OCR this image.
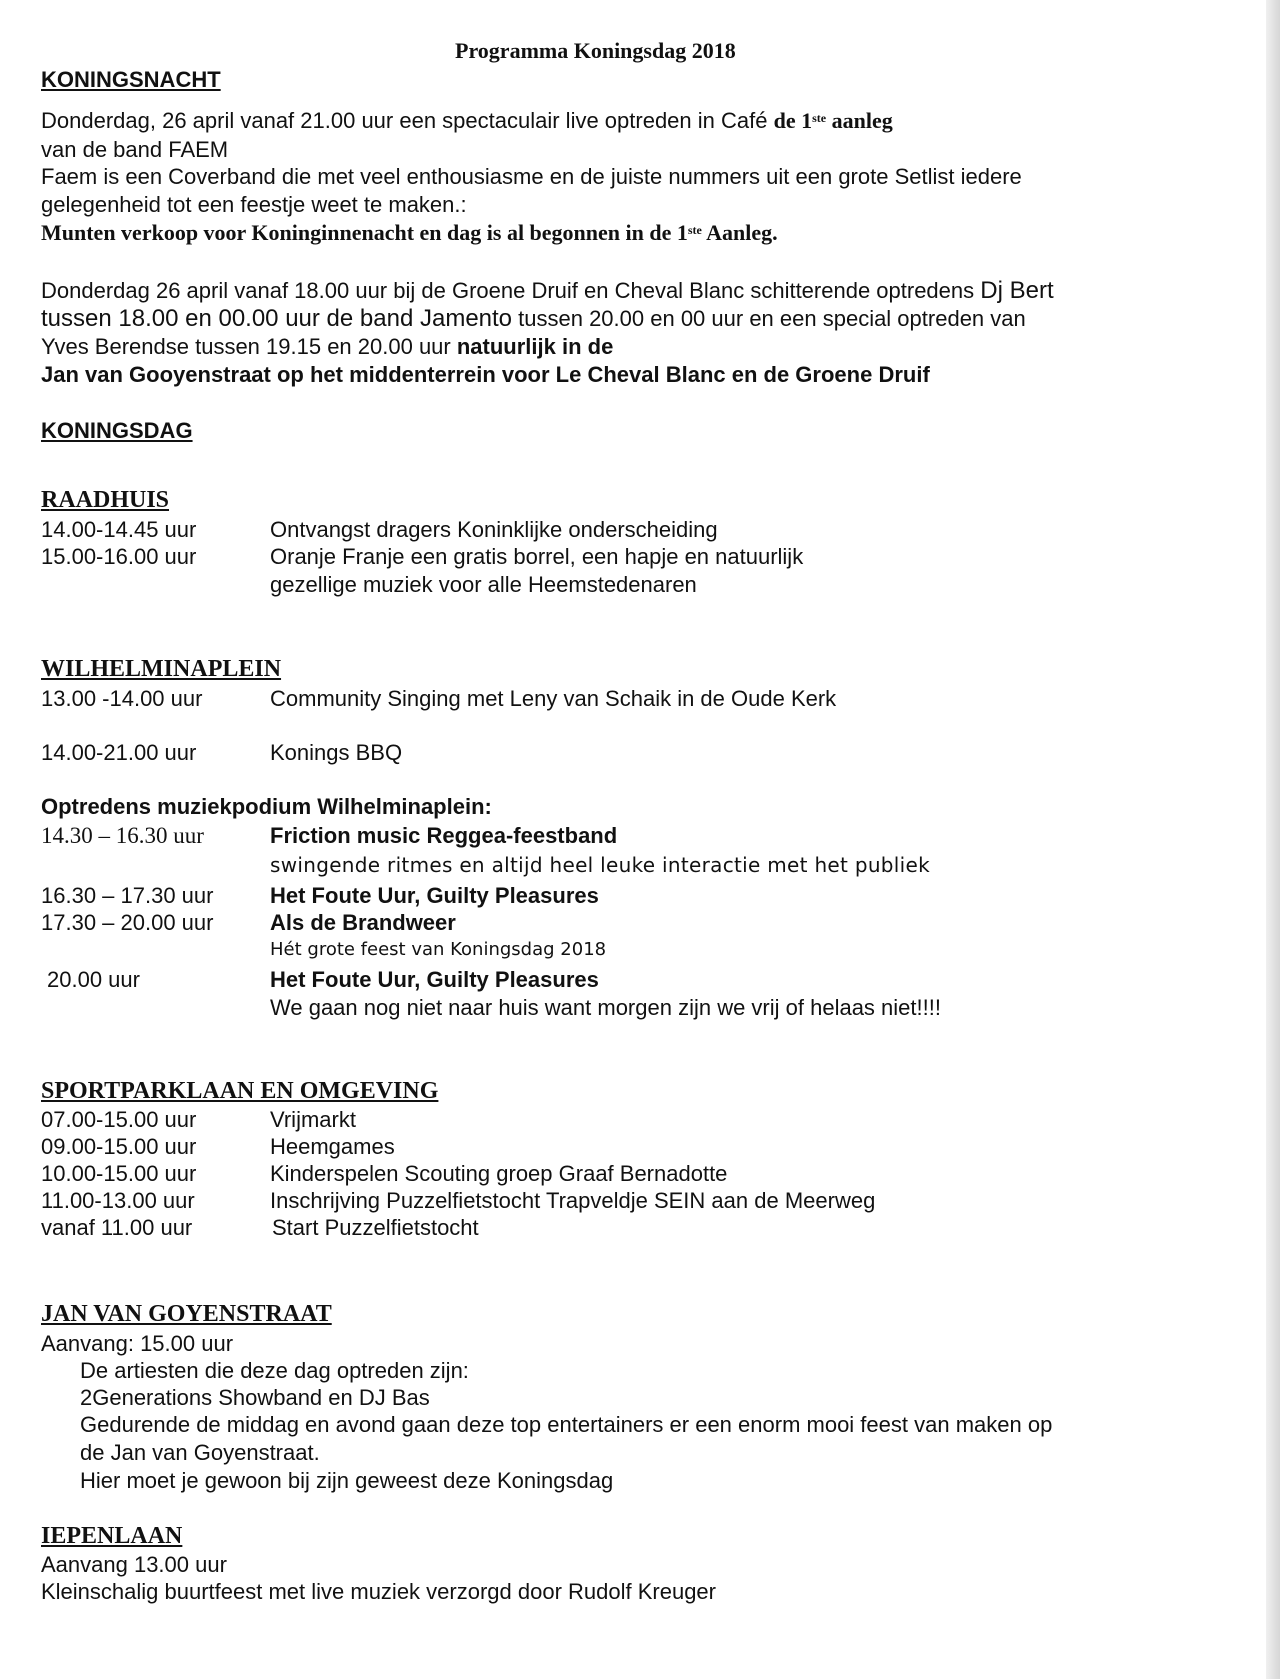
Programma Koningsdag 2018
KONINGSNACHT
Donderdag, 26 april vanaf 21.00 uur een spectaculair live optreden in Café de 1ste aanleg
van de band FAEM
Faem is een Coverband die met veel enthousiasme en de juiste nummers uit een grote Setlist iedere
gelegenheid tot een feestje weet te maken.:
Munten verkoop voor Koninginnenacht en dag is al begonnen in de 1ste Aanleg.
Donderdag 26 april vanaf 18.00 uur bij de Groene Druif en Cheval Blanc schitterende optredens Dj Bert
tussen 18.00 en 00.00 uur de band Jamento tussen 20.00 en 00 uur en een special optreden van
Yves Berendse tussen 19.15 en 20.00 uur natuurlijk in de
Jan van Gooyenstraat op het middenterrein voor Le Cheval Blanc en de Groene Druif
KONINGSDAG
RAADHUIS
14.00-14.45 uur	Ontvangst dragers Koninklijke onderscheiding
15.00-16.00 uur	Oranje Franje een gratis borrel, een hapje en natuurlijk
gezellige muziek voor alle Heemstedenaren
WILHELMINAPLEIN
13.00 -14.00 uur	Community Singing met Leny van Schaik in de Oude Kerk
14.00-21.00 uur	Konings BBQ
Optredens muziekpodium Wilhelminaplein:
14.30 – 16.30 uur	Friction music Reggea-feestband
swingende ritmes en altijd heel leuke interactie met het publiek
16.30 – 17.30 uur	Het Foute Uur, Guilty Pleasures
17.30 – 20.00 uur	Als de Brandweer
Hét grote feest van Koningsdag 2018
20.00 uur	Het Foute Uur, Guilty Pleasures
We gaan nog niet naar huis want morgen zijn we vrij of helaas niet!!!!
SPORTPARKLAAN EN OMGEVING
07.00-15.00 uur	Vrijmarkt
09.00-15.00 uur	Heemgames
10.00-15.00 uur	Kinderspelen Scouting groep Graaf Bernadotte
11.00-13.00 uur	Inschrijving Puzzelfietstocht Trapveldje SEIN aan de Meerweg
vanaf 11.00 uur	Start Puzzelfietstocht
JAN VAN GOYENSTRAAT
Aanvang: 15.00 uur
De artiesten die deze dag optreden zijn:
2Generations Showband en DJ Bas
Gedurende de middag en avond gaan deze top entertainers er een enorm mooi feest van maken op
de Jan van Goyenstraat.
Hier moet je gewoon bij zijn geweest deze Koningsdag
IEPENLAAN
Aanvang 13.00 uur
Kleinschalig buurtfeest met live muziek verzorgd door Rudolf Kreuger
